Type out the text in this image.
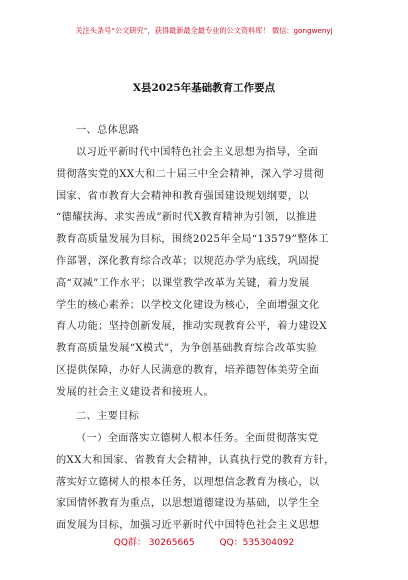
关注头条号“公文研究”，获得最新最全最专业的公文资料库！ 微信：gongwenyj
X县2025年基础教育工作要点
一、总体思路
以习近平新时代中国特色社会主义思想为指导，全面
贯彻落实党的XX大和二十届三中全会精神，深入学习贯彻
国家、省市教育大会精神和教育强国建设规划纲要，以
“德耀扶海、求实善成”新时代X教育精神为引领，以推进
教育高质量发展为目标，围绕2025年全局“13579”整体工
作部署，深化教育综合改革；以规范办学为底线，巩固提
高“双减”工作水平；以课堂教学改革为关键，着力发展
学生的核心素养；以学校文化建设为核心，全面增强文化
育人功能；坚持创新发展，推动实现教育公平，着力建设X
教育高质量发展“X模式”，为争创基础教育综合改革实验
区提供保障，办好人民满意的教育，培养德智体美劳全面
发展的社会主义建设者和接班人。
二、主要目标
（一）全面落实立德树人根本任务。全面贯彻落实党
的XX大和国家、省教育大会精神，认真执行党的教育方针，
落实好立德树人的根本任务，以理想信念教育为核心，以
家国情怀教育为重点，以思想道德建设为基础，以学生全
面发展为目标，加强习近平新时代中国特色社会主义思想
QQ群： 30265665	QQ：535304092
